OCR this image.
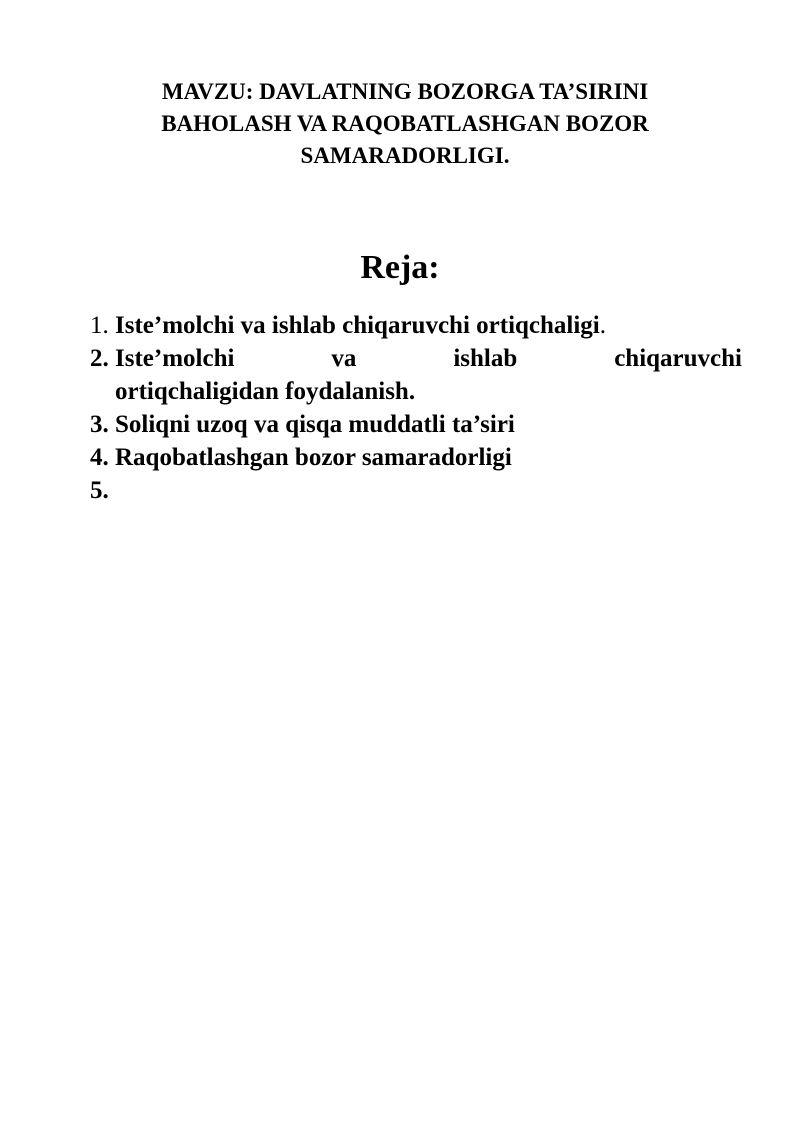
MAVZU: DAVLATNING BOZORGA TA’SIRINI
BAHOLASH VA RAQOBATLASHGAN BOZOR
SAMARADORLIGI.
Reja:
1. Iste’molchi va ishlab chiqaruvchi ortiqchaligi.
2. Iste’molchi va ishlab chiqaruvchi
ortiqchaligidan foydalanish.
3. Soliqni uzoq va qisqa muddatli ta’siri
4. Raqobatlashgan bozor samaradorligi
5.
